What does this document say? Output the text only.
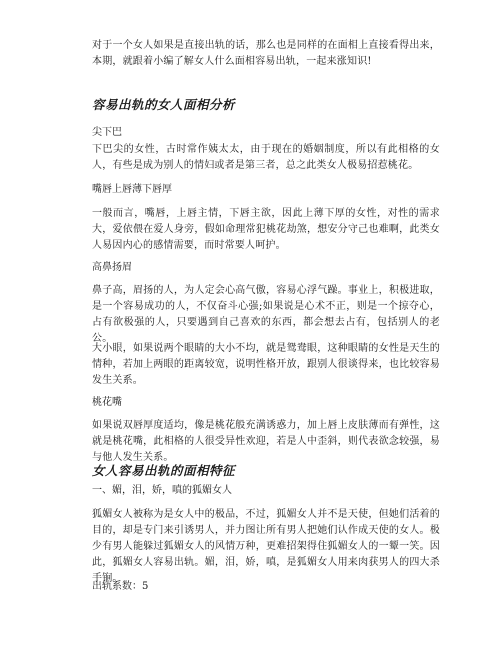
对于一个女人如果是直接出轨的话，那么也是同样的在面相上直接看得出来，本期，就跟着小编了解女人什么面相容易出轨，一起来涨知识!

容易出轨的女人面相分析

尖下巴

下巴尖的女性，古时常作姨太太，由于现在的婚姻制度，所以有此相格的女人，有些是成为别人的情妇或者是第三者，总之此类女人极易招惹桃花。

嘴唇上唇薄下唇厚

一般而言，嘴唇，上唇主情，下唇主欲，因此上薄下厚的女性，对性的需求大，爱依偎在爱人身旁，假如命理常犯桃花劫煞，想安分守己也难啊，此类女人易因内心的感情需要，而时常要人呵护。

高鼻扬眉

鼻子高，眉扬的人，为人定会心高气傲，容易心浮气躁。事业上，积极进取，是一个容易成功的人，不仅奋斗心强;如果说是心术不正，则是一个掠夺心，占有欲极强的人，只要遇到自己喜欢的东西，都会想去占有，包括别人的老公。

大小眼，如果说两个眼睛的大小不均，就是鸳鸯眼，这种眼睛的女性是天生的情种，若加上两眼的距离较宽，说明性格开放，跟别人很谈得来，也比较容易发生关系。

桃花嘴

如果说双唇厚度适均，像是桃花般充满诱惑力，加上唇上皮肤薄而有弹性，这就是桃花嘴，此相格的人很受异性欢迎，若是人中歪斜，则代表欲念较强，易与他人发生关系。

女人容易出轨的面相特征

一、媚，泪，娇，嗔的狐媚女人

狐媚女人被称为是女人中的极品，不过，狐媚女人并不是天使，但她们活着的目的，却是专门来引诱男人，并力图让所有男人把她们认作成天使的女人。极少有男人能躲过狐媚女人的风情万种，更难招架得住狐媚女人的一颦一笑。因此，狐媚女人容易出轨。媚，泪，娇，嗔，是狐媚女人用来肉获男人的四大杀手锏。

出轨系数：5
